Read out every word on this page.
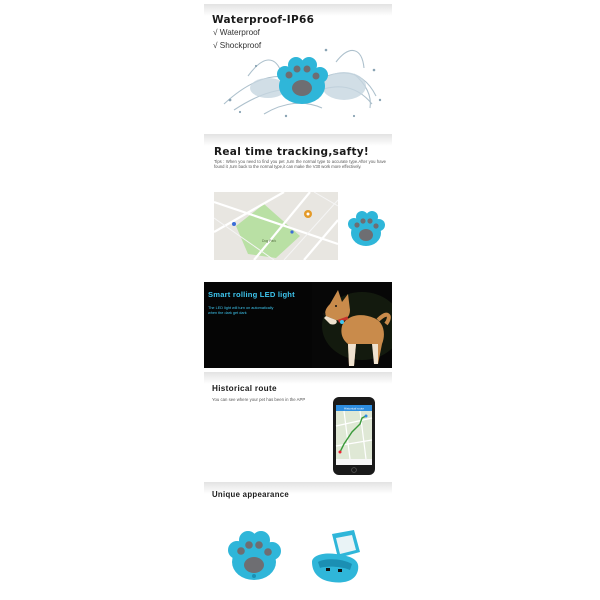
Waterproof-IP66
√ Waterproof
√ Shockproof
Real time tracking,safty!
Tips : When you need to find you pet ,turn the normal type to accurate type.After you have found it ,turn back to the normal type,it can make the V30 work more effectively.
Dog Park
Smart rolling LED light
The LED light will turn on automatically
when the dark get dark
Historical route
You can see where your pet has been in the APP
Historical route
Unique appearance
